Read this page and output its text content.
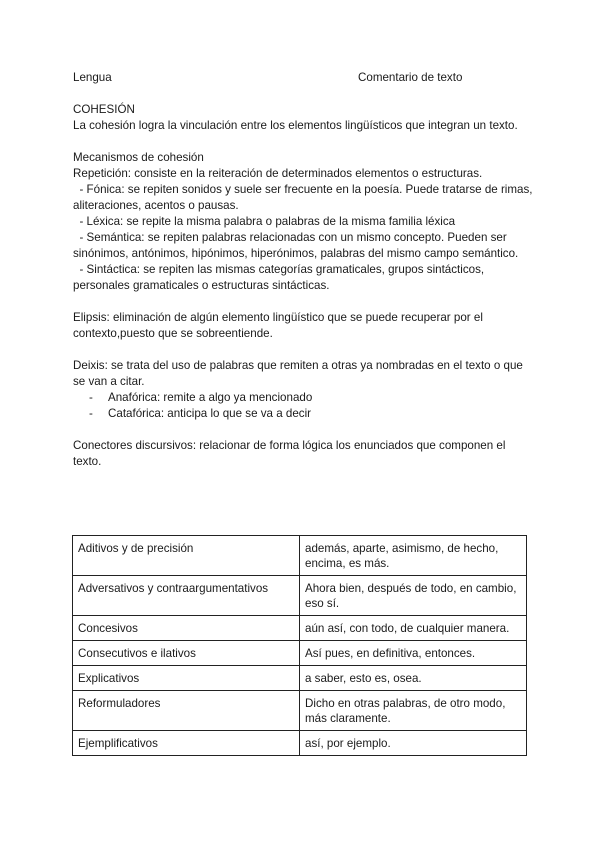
Lengua	Comentario de texto

COHESIÓN

La cohesión logra la vinculación entre los elementos lingüísticos que integran un texto.

Mecanismos de cohesión

Repetición: consiste en la reiteración de determinados elementos o estructuras.

- Fónica: se repiten sonidos y suele ser frecuente en la poesía. Puede tratarse de rimas, aliteraciones, acentos o pausas.

- Léxica: se repite la misma palabra o palabras de la misma familia léxica

- Semántica: se repiten palabras relacionadas con un mismo concepto. Pueden ser sinónimos, antónimos, hipónimos, hiperónimos, palabras del mismo campo semántico.

- Sintáctica: se repiten las mismas categorías gramaticales, grupos sintácticos, personales gramaticales o estructuras sintácticas.

Elipsis: eliminación de algún elemento lingüístico que se puede recuperar por el contexto,puesto que se sobreentiende.

Deixis: se trata del uso de palabras que remiten a otras ya nombradas en el texto o que se van a citar.

- Anafórica: remite a algo ya mencionado
- Catafórica: anticipa lo que se va a decir

Conectores discursivos: relacionar de forma lógica los enunciados que componen el texto.

Aditivos y de precisión	además, aparte, asimismo, de hecho, encima, es más.
Adversativos y contraargumentativos	Ahora bien, después de todo, en cambio, eso sí.
Concesivos	aún así, con todo, de cualquier manera.
Consecutivos e ilativos	Así pues, en definitiva, entonces.
Explicativos	a saber, esto es, osea.
Reformuladores	Dicho en otras palabras, de otro modo, más claramente.
Ejemplificativos	así, por ejemplo.
